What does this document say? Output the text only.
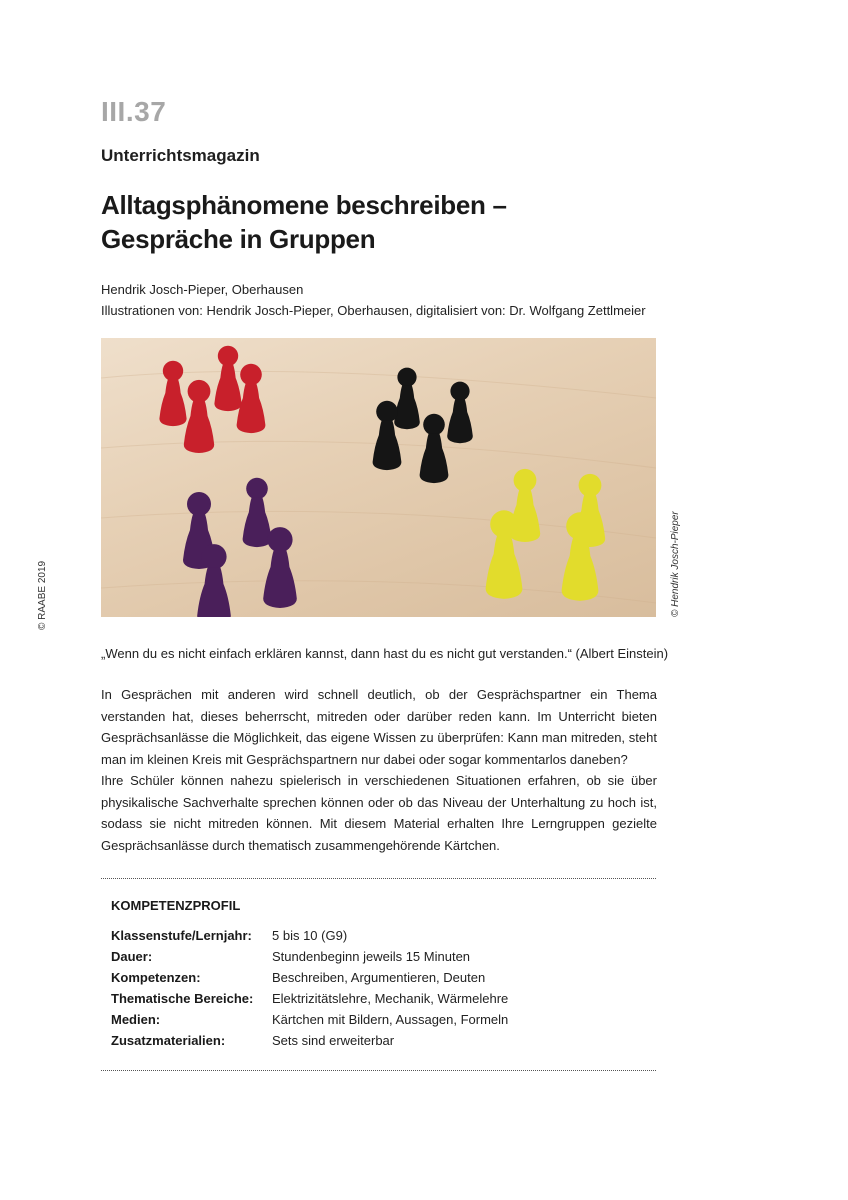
III.37
Unterrichtsmagazin
Alltagsphänomene beschreiben –
Gespräche in Gruppen
Hendrik Josch-Pieper, Oberhausen
Illustrationen von: Hendrik Josch-Pieper, Oberhausen, digitalisiert von: Dr. Wolfgang Zettlmeier
© Hendrik Josch-Pieper
© RAABE 2019
„Wenn du es nicht einfach erklären kannst, dann hast du es nicht gut verstanden.“ (Albert Einstein)

In Gesprächen mit anderen wird schnell deutlich, ob der Gesprächspartner ein Thema verstanden hat, dieses beherrscht, mitreden oder darüber reden kann. Im Unterricht bieten Gesprächsanlässe die Möglichkeit, das eigene Wissen zu überprüfen: Kann man mitreden, steht man im kleinen Kreis mit Gesprächspartnern nur dabei oder sogar kommentarlos daneben?

Ihre Schüler können nahezu spielerisch in verschiedenen Situationen erfahren, ob sie über physikalische Sachverhalte sprechen können oder ob das Niveau der Unterhaltung zu hoch ist, sodass sie nicht mitreden können. Mit diesem Material erhalten Ihre Lerngruppen gezielte Gesprächsanlässe durch thematisch zusammengehörende Kärtchen.

KOMPETENZPROFIL
Klassenstufe/Lernjahr:	5 bis 10 (G9)
Dauer:	Stundenbeginn jeweils 15 Minuten
Kompetenzen:	Beschreiben, Argumentieren, Deuten
Thematische Bereiche:	Elektrizitätslehre, Mechanik, Wärmelehre
Medien:	Kärtchen mit Bildern, Aussagen, Formeln
Zusatzmaterialien:	Sets sind erweiterbar
